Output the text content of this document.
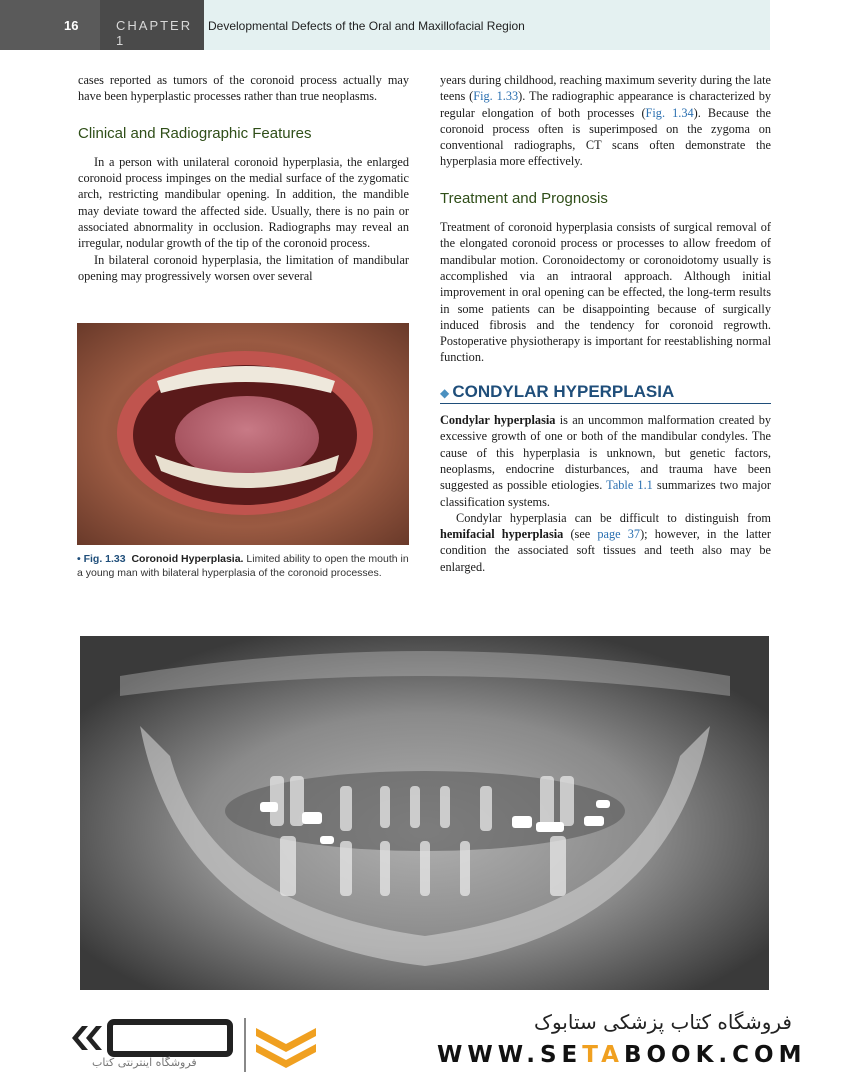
16	CHAPTER 1
Developmental Defects of the Oral and Maxillofacial Region

cases reported as tumors of the coronoid process actually may have been hyperplastic processes rather than true neoplasms.

Clinical and Radiographic Features

In a person with unilateral coronoid hyperplasia, the enlarged coronoid process impinges on the medial surface of the zygomatic arch, restricting mandibular opening. In addition, the mandible may deviate toward the affected side. Usually, there is no pain or associated abnormality in occlusion. Radiographs may reveal an irregular, nodular growth of the tip of the coronoid process.

In bilateral coronoid hyperplasia, the limitation of mandibular opening may progressively worsen over several

• Fig. 1.33 Coronoid Hyperplasia. Limited ability to open the mouth in a young man with bilateral hyperplasia of the coronoid processes.

years during childhood, reaching maximum severity during the late teens (Fig. 1.33). The radiographic appearance is characterized by regular elongation of both processes (Fig. 1.34). Because the coronoid process often is superimposed on the zygoma on conventional radiographs, CT scans often demonstrate the hyperplasia more effectively.

Treatment and Prognosis

Treatment of coronoid hyperplasia consists of surgical removal of the elongated coronoid process or processes to allow freedom of mandibular motion. Coronoidectomy or coronoidotomy usually is accomplished via an intraoral approach. Although initial improvement in oral opening can be effected, the long-term results in some patients can be disappointing because of surgically induced fibrosis and the tendency for coronoid regrowth. Postoperative physiotherapy is important for reestablishing normal function.

◆ CONDYLAR HYPERPLASIA

Condylar hyperplasia is an uncommon malformation created by excessive growth of one or both of the mandibular condyles. The cause of this hyperplasia is unknown, but genetic factors, neoplasms, endocrine disturbances, and trauma have been suggested as possible etiologies. Table 1.1 summarizes two major classification systems.

Condylar hyperplasia can be difficult to distinguish from hemifacial hyperplasia (see page 37); however, in the latter condition the associated soft tissues and teeth also may be enlarged.

فروشگاه اینترنتی کتاب
فروشگاه کتاب پزشکی ستابوک
WWW.SETABOOK.COM
